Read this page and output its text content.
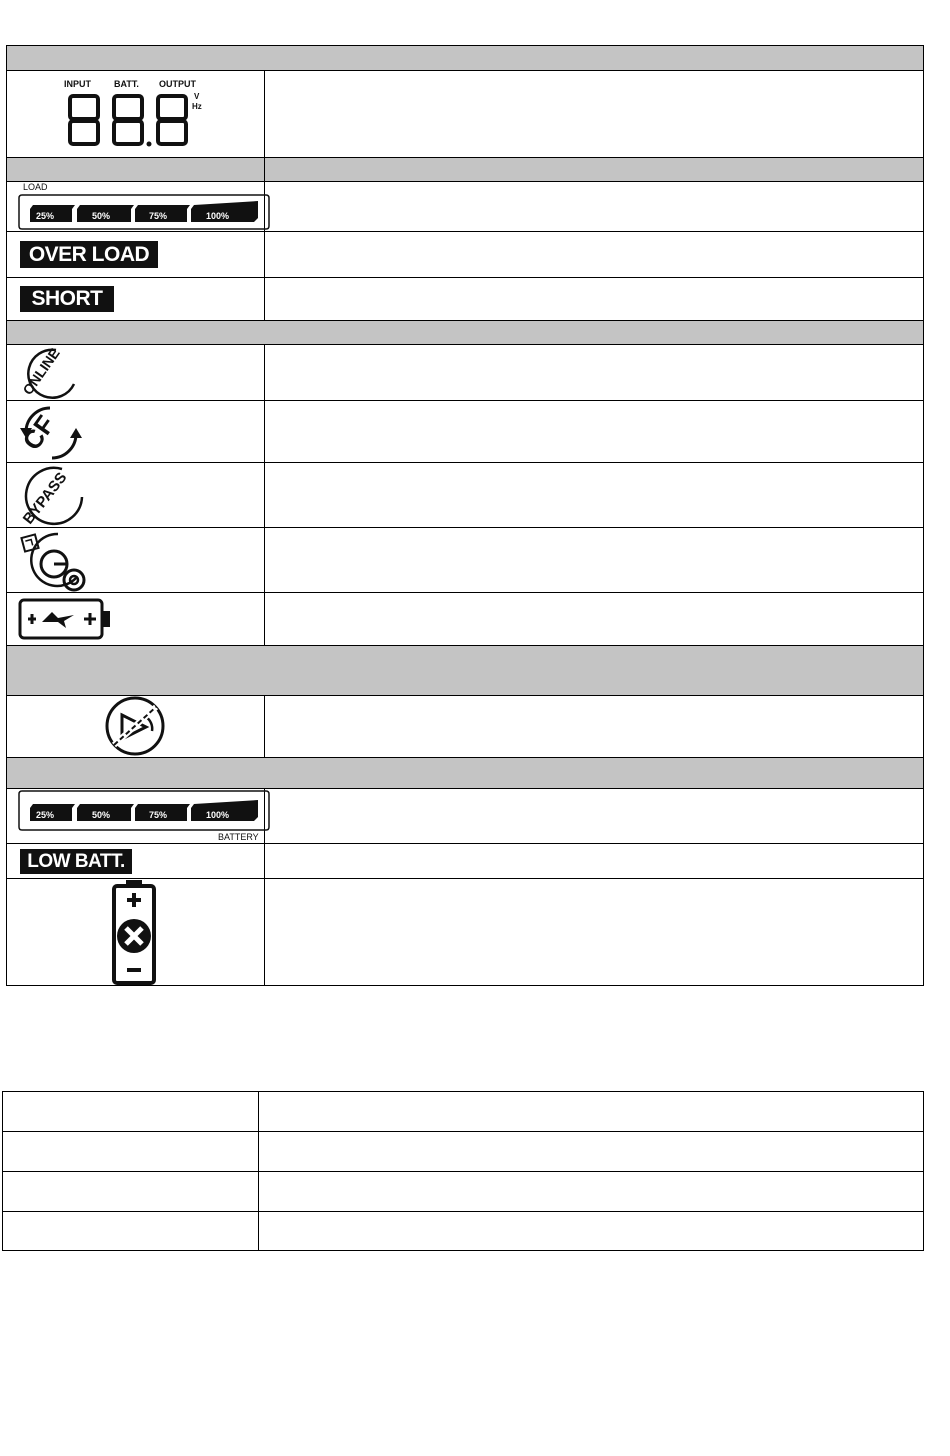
INPUT	BATT. OUTPUT
V
Hz
LOAD
25%	50%	75%	100%
OVER LOAD
SHORT
ONLINE
CF
BYPASS
25%	50%	75%	100%
BATTERY
LOW BATT.
